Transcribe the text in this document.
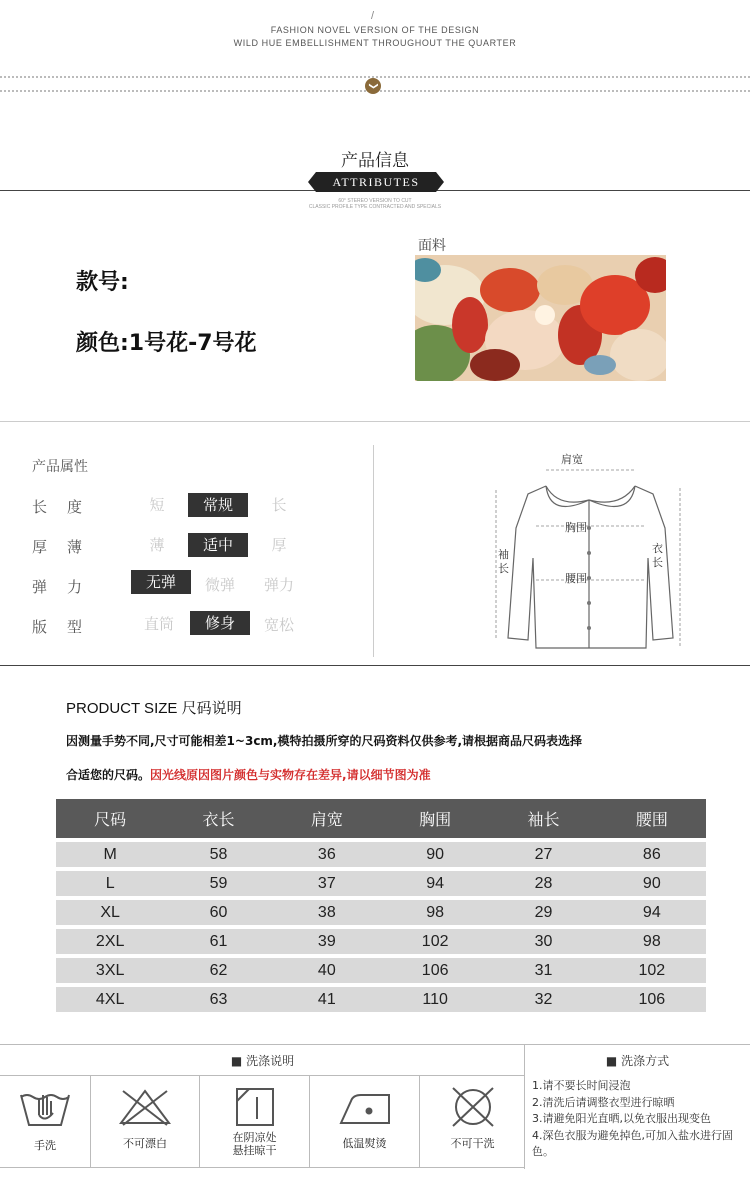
/
FASHION NOVEL VERSION OF THE DESIGN
WILD HUE EMBELLISHMENT THROUGHOUT THE QUARTER
❯
产品信息
ATTRIBUTES
60° STEREO VERSION TO CUT
CLASSIC PROFILE TYPE CONTRACTED AND SPECIALS
款号:
颜色:1号花-7号花
面料
产品属性
长度	短	常规	长
厚薄	薄	适中	厚
弹力	无弹	微弹	弹力
版型	直筒	修身	宽松
肩宽
胸围
腰围
袖长
衣长
PRODUCT SIZE 尺码说明
因测量手势不同,尺寸可能相差1~3cm,模特拍摄所穿的尺码资料仅供参考,请根据商品尺码表选择
合适您的尺码。因光线原因图片颜色与实物存在差异,请以细节图为准
尺码	衣长	肩宽	胸围	袖长	腰围
M	58	36	90	27	86
L	59	37	94	28	90
XL	60	38	98	29	94
2XL	61	39	102	30	98
3XL	62	40	106	31	102
4XL	63	41	110	32	106
■ 洗涤说明	■ 洗涤方式
手洗	不可漂白	在阴凉处
悬挂晾干
低温熨烫	不可干洗
1.请不要长时间浸泡
2.清洗后请调整衣型进行晾晒
3.请避免阳光直晒,以免衣服出现变色
4.深色衣服为避免掉色,可加入盐水进行固色。
